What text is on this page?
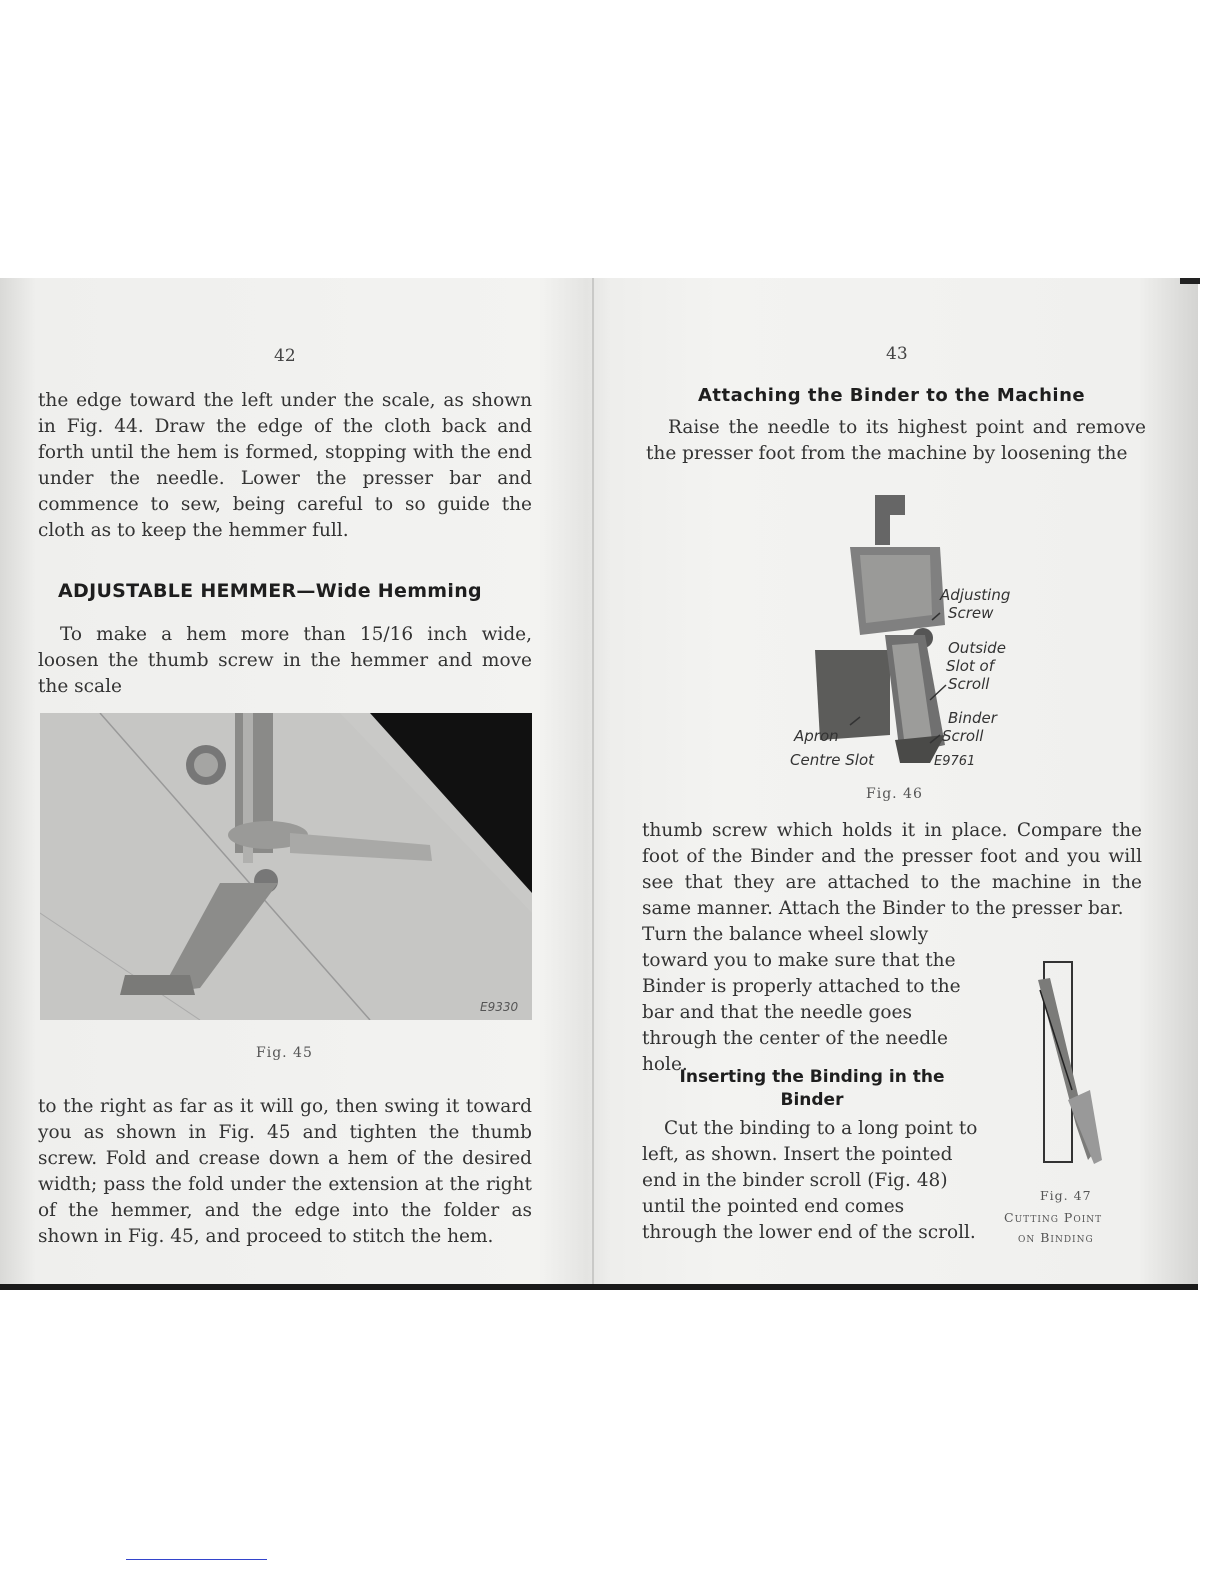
42

the edge toward the left under the scale, as shown in Fig. 44. Draw the edge of the cloth back and forth until the hem is formed, stopping with the end under the needle. Lower the presser bar and commence to sew, being careful to so guide the cloth as to keep the hemmer full.

ADJUSTABLE HEMMER—Wide Hemming

To make a hem more than 15/16 inch wide, loosen the thumb screw in the hemmer and move the scale

E9330
Fig. 45

to the right as far as it will go, then swing it toward you as shown in Fig. 45 and tighten the thumb screw. Fold and crease down a hem of the desired width; pass the fold under the extension at the right of the hemmer, and the edge into the folder as shown in Fig. 45, and proceed to stitch the hem.

43
Attaching the Binder to the Machine

Raise the needle to its highest point and remove the presser foot from the machine by loosening the

Adjusting
Screw
Outside
Slot of
Scroll
Binder
Scroll
Apron
Centre Slot	E9761
Fig. 46

thumb screw which holds it in place. Compare the foot of the Binder and the presser foot and you will see that they are attached to the machine in the same manner. Attach the Binder to the presser bar.

Turn the balance wheel slowly toward you to make sure that the Binder is properly attached to the bar and that the needle goes through the center of the needle hole.

Inserting the Binding in the Binder

Cut the binding to a long point to left, as shown. Insert the pointed end in the binder scroll (Fig. 48) until the pointed end comes through the lower end of the scroll.

Fig. 47
Cutting Point
on Binding
